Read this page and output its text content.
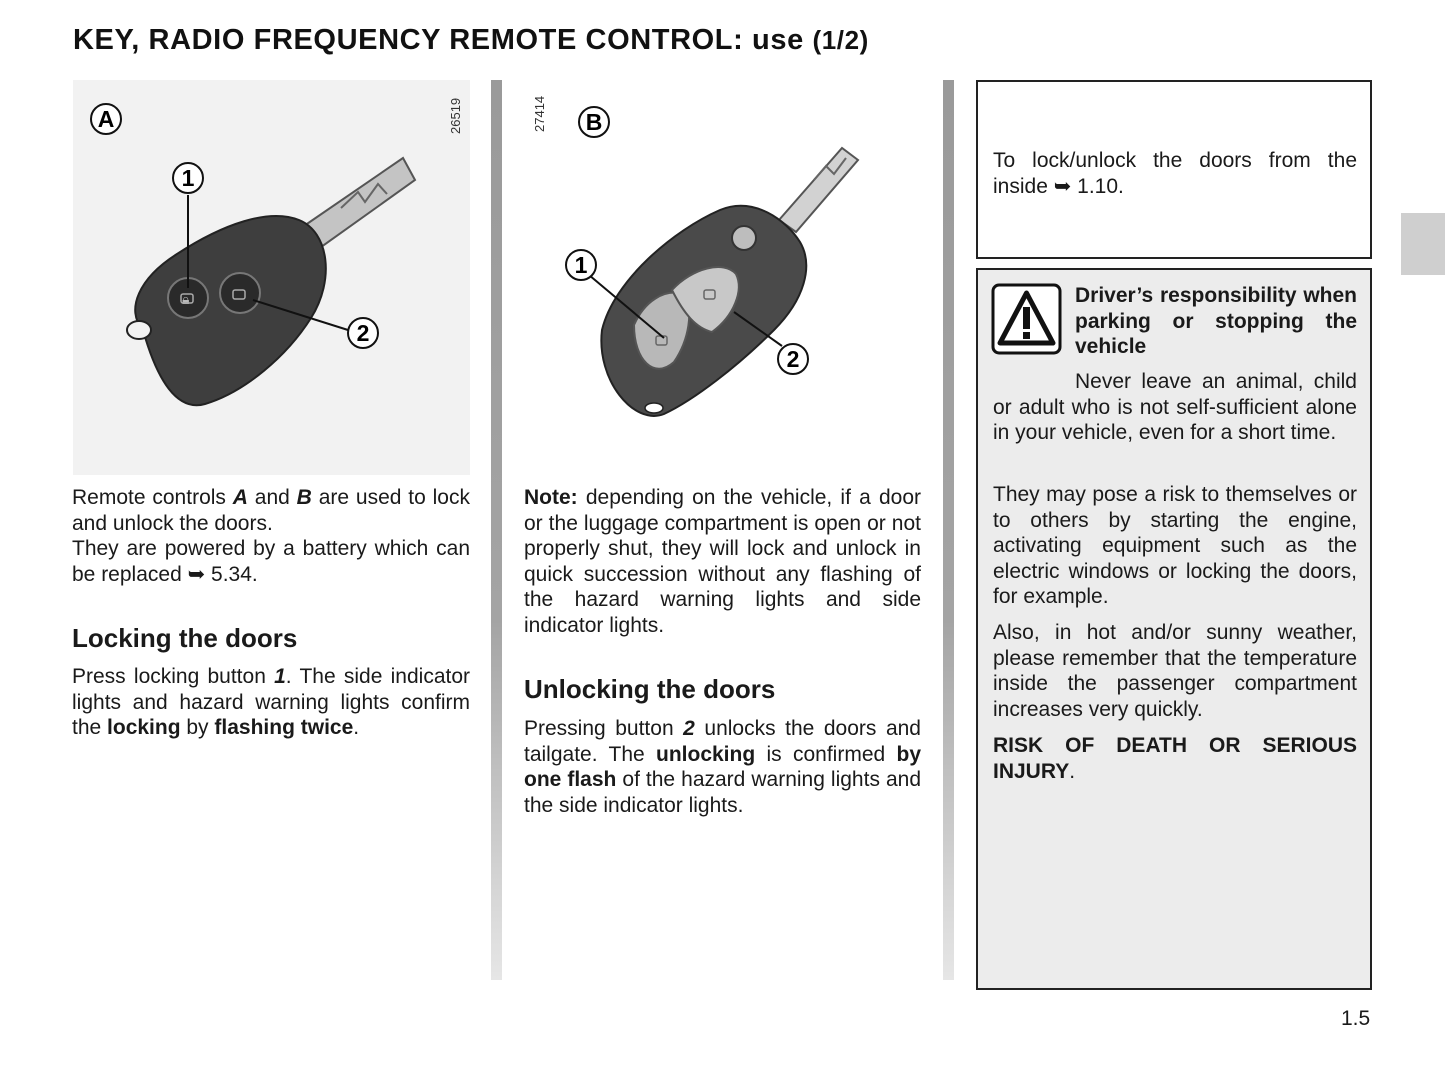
KEY, RADIO FREQUENCY REMOTE CONTROL: use (1/2)
🔒︎
1
2
A	26519
1
2
B
27414

Remote controls A and B are used to lock and unlock the doors.

They are powered by a battery which can be replaced ➥ 5.34.

Locking the doors

Press locking button 1. The side indicator lights and hazard warning lights confirm the locking by flashing twice.

Note: depending on the vehicle, if a door or the luggage compartment is open or not properly shut, they will lock and unlock in quick succession without any flashing of the hazard warning lights and side indicator lights.

Unlocking the doors

Pressing button 2 unlocks the doors and tailgate. The unlocking is confirmed by one flash of the hazard warning lights and the side indicator lights.

To lock/unlock the doors from the inside ➥ 1.10.

Driver’s responsibility when parking or stopping the vehicle
Never leave an animal, child or adult who is not self-sufficient alone in your vehicle, even for a short time.
They may pose a risk to themselves or to others by starting the engine, activating equipment such as the electric windows or locking the doors, for example.
Also, in hot and/or sunny weather, please remember that the temperature inside the passenger compartment increases very quickly.
RISK OF DEATH OR SERIOUS INJURY.
1.5
